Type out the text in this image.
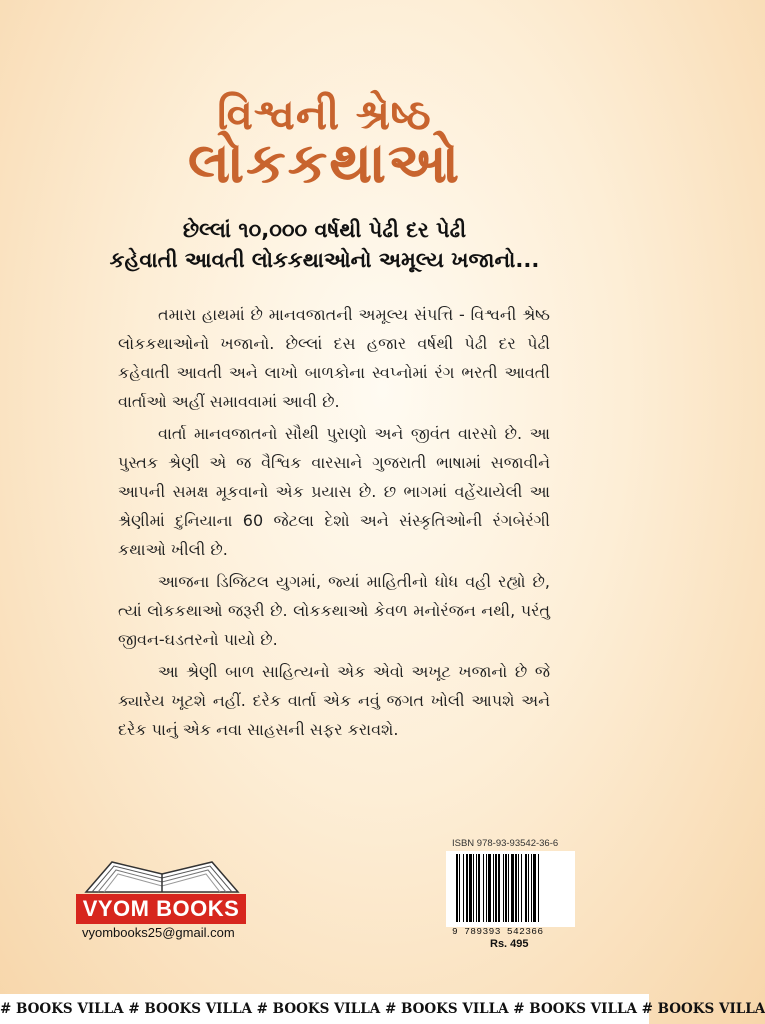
વિશ્વની શ્રેષ્ઠ
લોકકથાઓ
છેલ્લાં ૧૦,૦૦૦ વર્ષથી પેઢી દર પેઢી
કહેવાતી આવતી લોકકથાઓનો અમૂલ્ય ખજાનો...

તમારા હાથમાં છે માનવજાતની અમૂલ્ય સંપત્તિ - વિશ્વની શ્રેષ્ઠ લોકકથાઓનો ખજાનો. છેલ્લાં દસ હજાર વર્ષથી પેઢી દર પેઢી કહેવાતી આવતી અને લાખો બાળકોના સ્વપ્નોમાં રંગ ભરતી આવતી વાર્તાઓ અહીં સમાવવામાં આવી છે.

વાર્તા માનવજાતનો સૌથી પુરાણો અને જીવંત વારસો છે. આ પુસ્તક શ્રેણી એ જ વૈશ્વિક વારસાને ગુજરાતી ભાષામાં સજાવીને આપની સમક્ષ મૂકવાનો એક પ્રયાસ છે. છ ભાગમાં વહેંચાયેલી આ શ્રેણીમાં દુનિયાના 60 જેટલા દેશો અને સંસ્કૃતિઓની રંગબેરંગી કથાઓ ખીલી છે.

આજના ડિજિટલ યુગમાં, જ્યાં માહિતીનો ધોધ વહી રહ્યો છે, ત્યાં લોકકથાઓ જરૂરી છે. લોકકથાઓ કેવળ મનોરંજન નથી, પરંતુ જીવન-ઘડતરનો પાયો છે.

આ શ્રેણી બાળ સાહિત્યનો એક એવો અખૂટ ખજાનો છે જે ક્યારેય ખૂટશે નહીં. દરેક વાર્તા એક નવું જગત ખોલી આપશે અને દરેક પાનું એક નવા સાહસની સફર કરાવશે.

ISBN 978-93-93542-36-6
9 789393 542366
Rs. 495
VYOM BOOKS
vyombooks25@gmail.com
# BOOKS VILLA # BOOKS VILLA # BOOKS VILLA # BOOKS VILLA # BOOKS VILLA # BOOKS VILLA
